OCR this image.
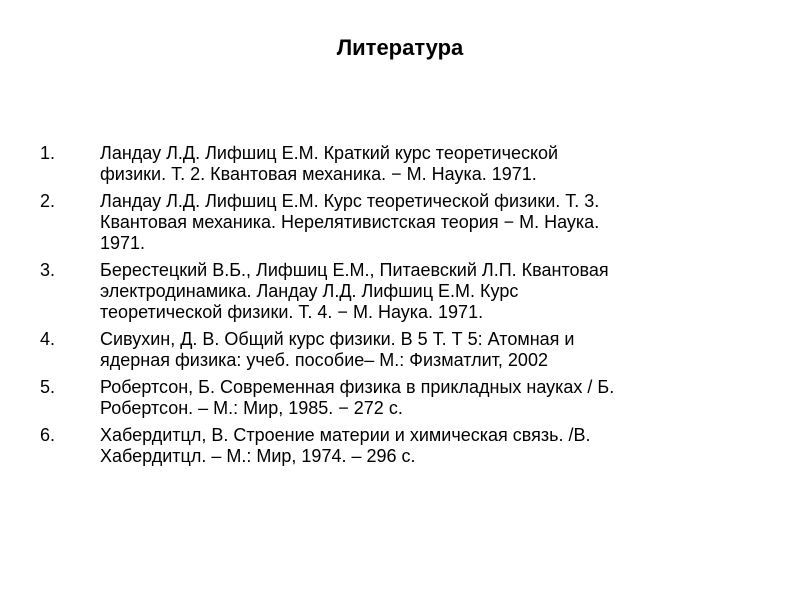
Литература
1.	Ландау Л.Д. Лифшиц Е.М. Краткий курс теоретической
физики. Т. 2. Квантовая механика. − М. Наука. 1971.
2.	Ландау Л.Д. Лифшиц Е.М. Курс теоретической физики. Т. 3.
Квантовая механика. Нерелятивистская теория − М. Наука.
1971.
3.	Берестецкий В.Б., Лифшиц Е.М., Питаевский Л.П. Квантовая
электродинамика. Ландау Л.Д. Лифшиц Е.М. Курс
теоретической физики. Т. 4. − М. Наука. 1971.
4.	Сивухин, Д. В. Общий курс физики. В 5 Т. Т 5: Атомная и
ядерная физика: учеб. пособие– М.: Физматлит, 2002
5.	Робертсон, Б. Современная физика в прикладных науках / Б.
Робертсон. – М.: Мир, 1985. − 272 с.
6.	Хабердитцл, В. Строение материи и химическая связь. /В.
Хабердитцл. – М.: Мир, 1974. – 296 с.
